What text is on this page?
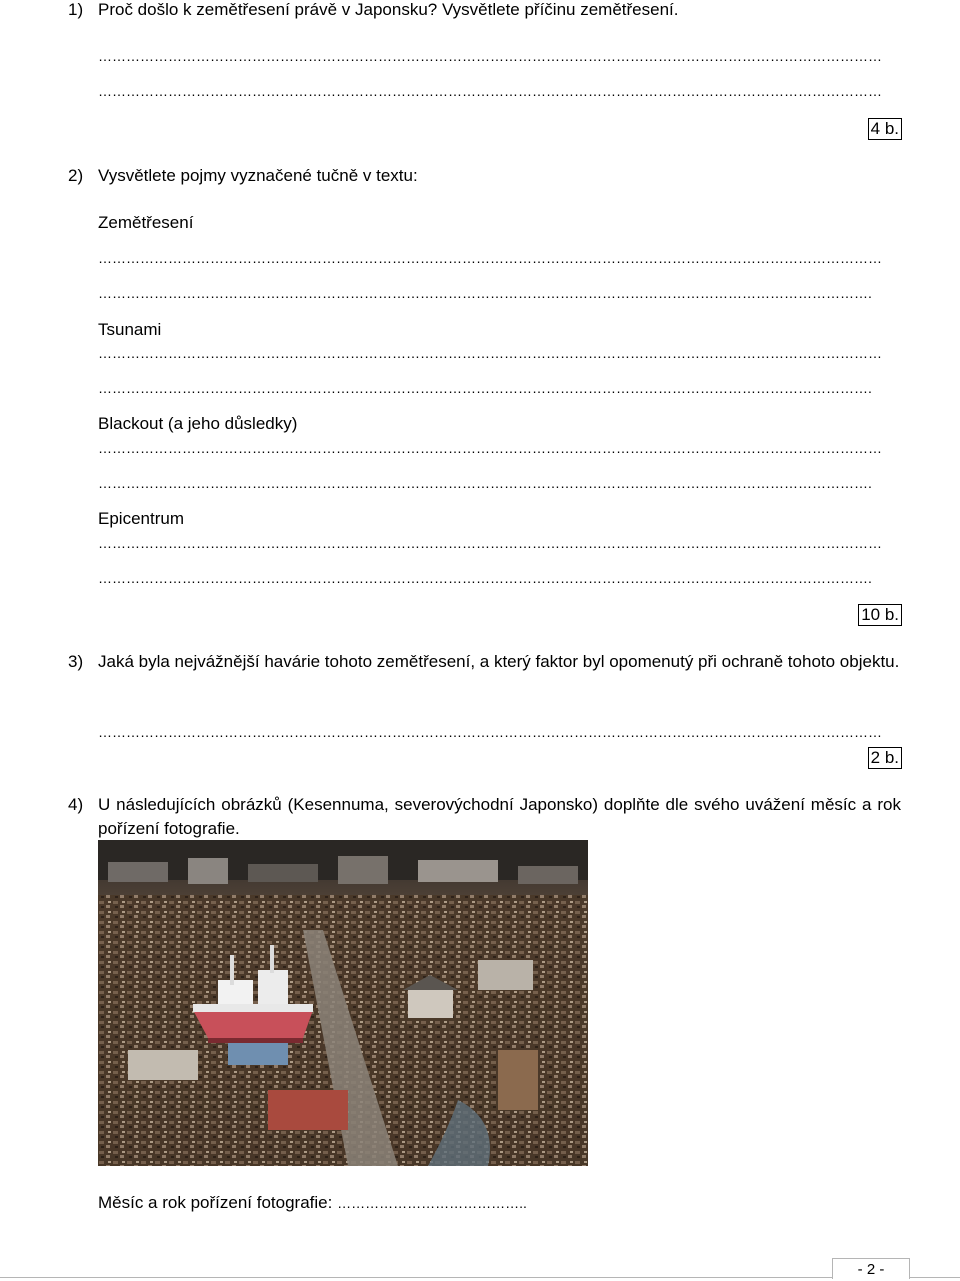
1) Proč došlo k zemětřesení právě v Japonsku? Vysvětlete příčinu zemětřesení.
……………………………………………………………………………………………………………………………………………………
……………………………………………………………………………………………………………………………………………………
4 b.
2) Vysvětlete pojmy vyznačené tučně v textu:
Zemětřesení
……………………………………………………………………………………………………………………………………………………
………………………………………………………………………………………………………………………………………………….
Tsunami
……………………………………………………………………………………………………………………………………………………
………………………………………………………………………………………………………………………………………………….
Blackout (a jeho důsledky)
……………………………………………………………………………………………………………………………………………………
………………………………………………………………………………………………………………………………………………….
Epicentrum
……………………………………………………………………………………………………………………………………………………
………………………………………………………………………………………………………………………………………………….
10 b.
3) Jaká byla nejvážnější havárie tohoto zemětřesení, a který faktor byl opomenutý při ochraně tohoto objektu.
……………………………………………………………………………………………………………………………………………………
2 b.
4) U následujících obrázků (Kesennuma, severovýchodní Japonsko) doplňte dle svého uvážení měsíc a rok pořízení fotografie.
Měsíc a rok pořízení fotografie: …………………………………..
- 2 -
